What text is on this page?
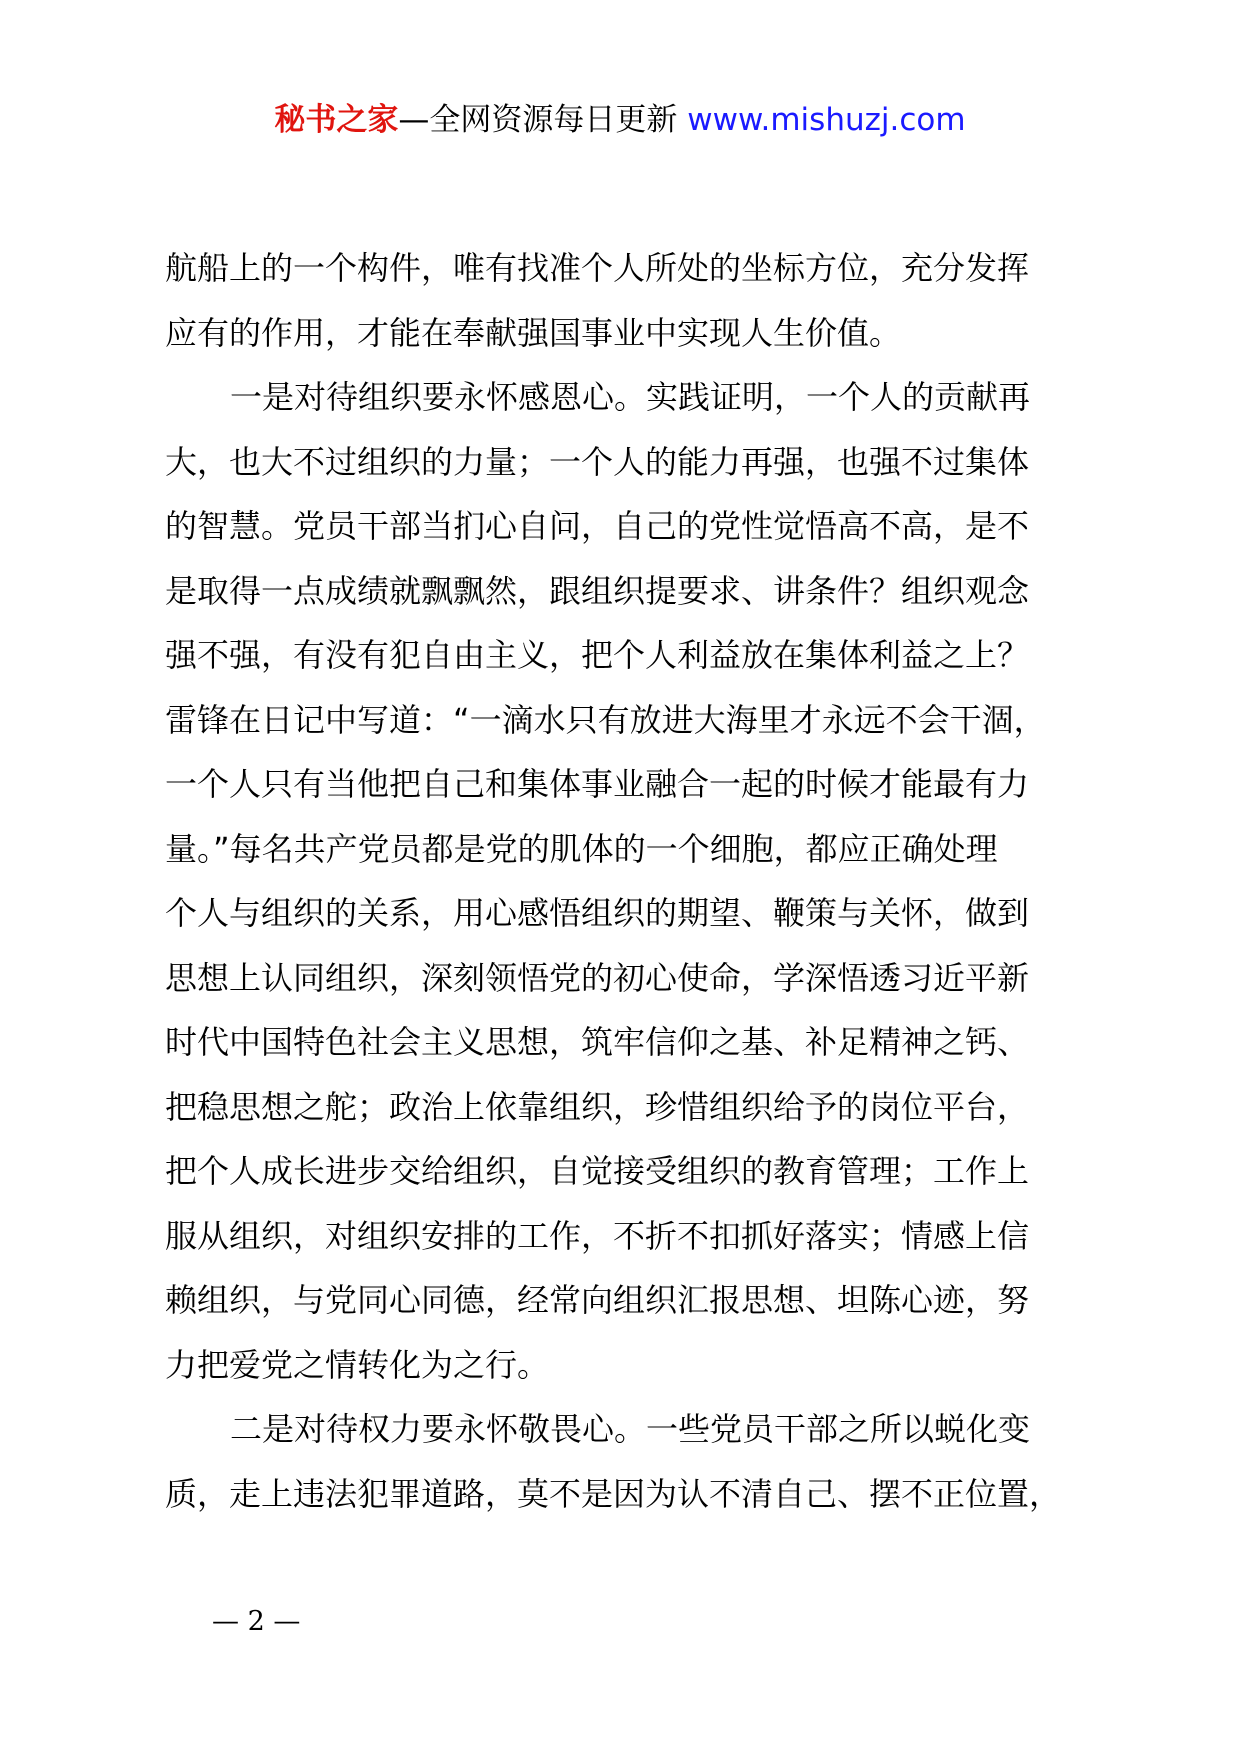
秘书之家—全网资源每日更新 www.mishuzj.com
航船上的一个构件，唯有找准个人所处的坐标方位，充分发挥
应有的作用，才能在奉献强国事业中实现人生价值。
一是对待组织要永怀感恩心。实践证明，一个人的贡献再
大，也大不过组织的力量；一个人的能力再强，也强不过集体
的智慧。党员干部当扪心自问，自己的党性觉悟高不高，是不
是取得一点成绩就飘飘然，跟组织提要求、讲条件？组织观念
强不强，有没有犯自由主义，把个人利益放在集体利益之上？
雷锋在日记中写道：“一滴水只有放进大海里才永远不会干涸，
一个人只有当他把自己和集体事业融合一起的时候才能最有力
量。”每名共产党员都是党的肌体的一个细胞，都应正确处理
个人与组织的关系，用心感悟组织的期望、鞭策与关怀，做到
思想上认同组织，深刻领悟党的初心使命，学深悟透习近平新
时代中国特色社会主义思想，筑牢信仰之基、补足精神之钙、
把稳思想之舵；政治上依靠组织，珍惜组织给予的岗位平台，
把个人成长进步交给组织，自觉接受组织的教育管理；工作上
服从组织，对组织安排的工作，不折不扣抓好落实；情感上信
赖组织，与党同心同德，经常向组织汇报思想、坦陈心迹，努
力把爱党之情转化为之行。
二是对待权力要永怀敬畏心。一些党员干部之所以蜕化变
质，走上违法犯罪道路，莫不是因为认不清自己、摆不正位置，
— 2 —
